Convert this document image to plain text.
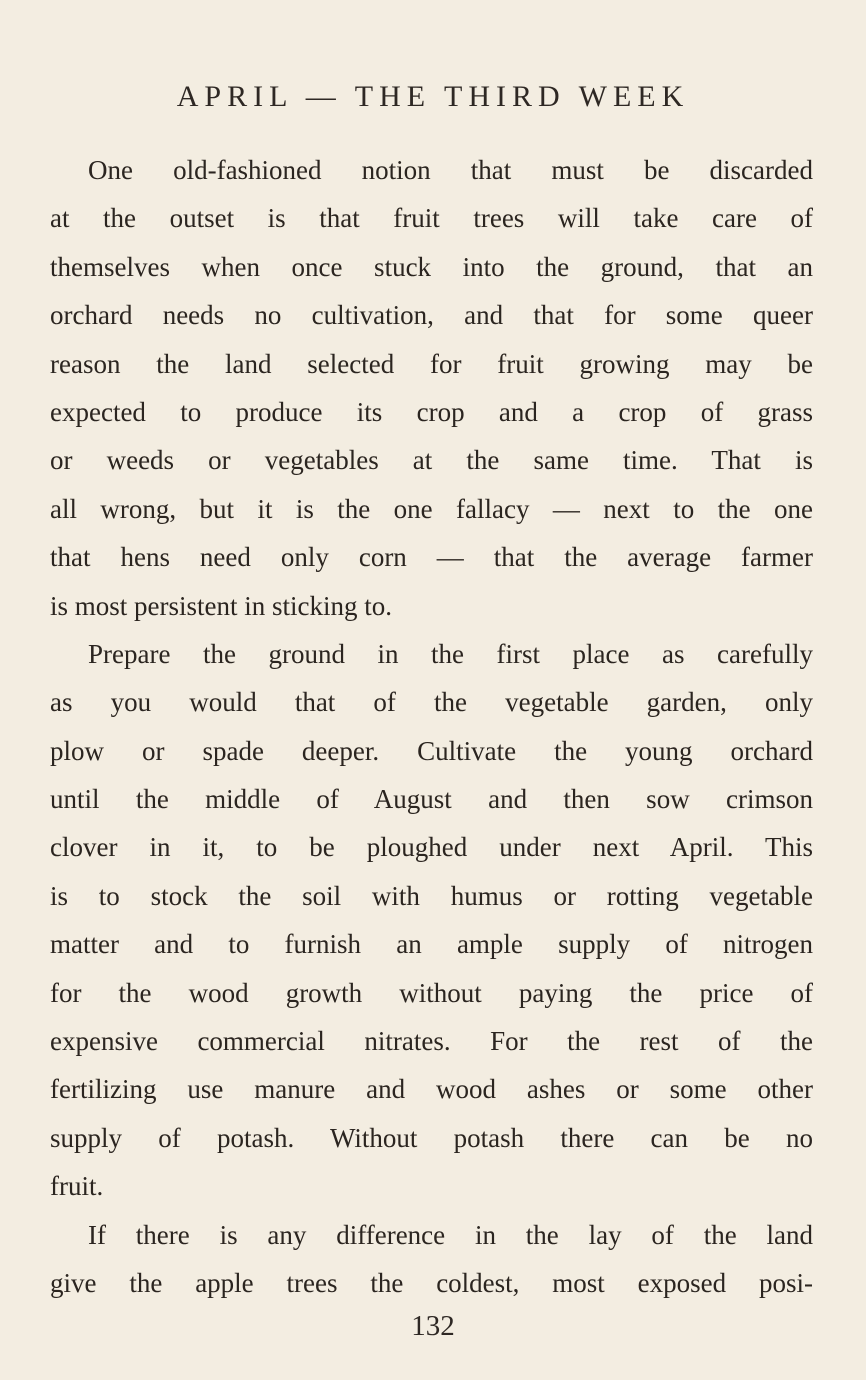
APRIL — THE THIRD WEEK
One old-fashioned notion that must be discarded
at the outset is that fruit trees will take care of
themselves when once stuck into the ground, that an
orchard needs no cultivation, and that for some queer
reason the land selected for fruit growing may be
expected to produce its crop and a crop of grass
or weeds or vegetables at the same time. That is
all wrong, but it is the one fallacy — next to the one
that hens need only corn — that the average farmer
is most persistent in sticking to.
Prepare the ground in the first place as carefully
as you would that of the vegetable garden, only
plow or spade deeper. Cultivate the young orchard
until the middle of August and then sow crimson
clover in it, to be ploughed under next April. This
is to stock the soil with humus or rotting vegetable
matter and to furnish an ample supply of nitrogen
for the wood growth without paying the price of
expensive commercial nitrates. For the rest of the
fertilizing use manure and wood ashes or some other
supply of potash. Without potash there can be no
fruit.
If there is any difference in the lay of the land
give the apple trees the coldest, most exposed posi-
132
